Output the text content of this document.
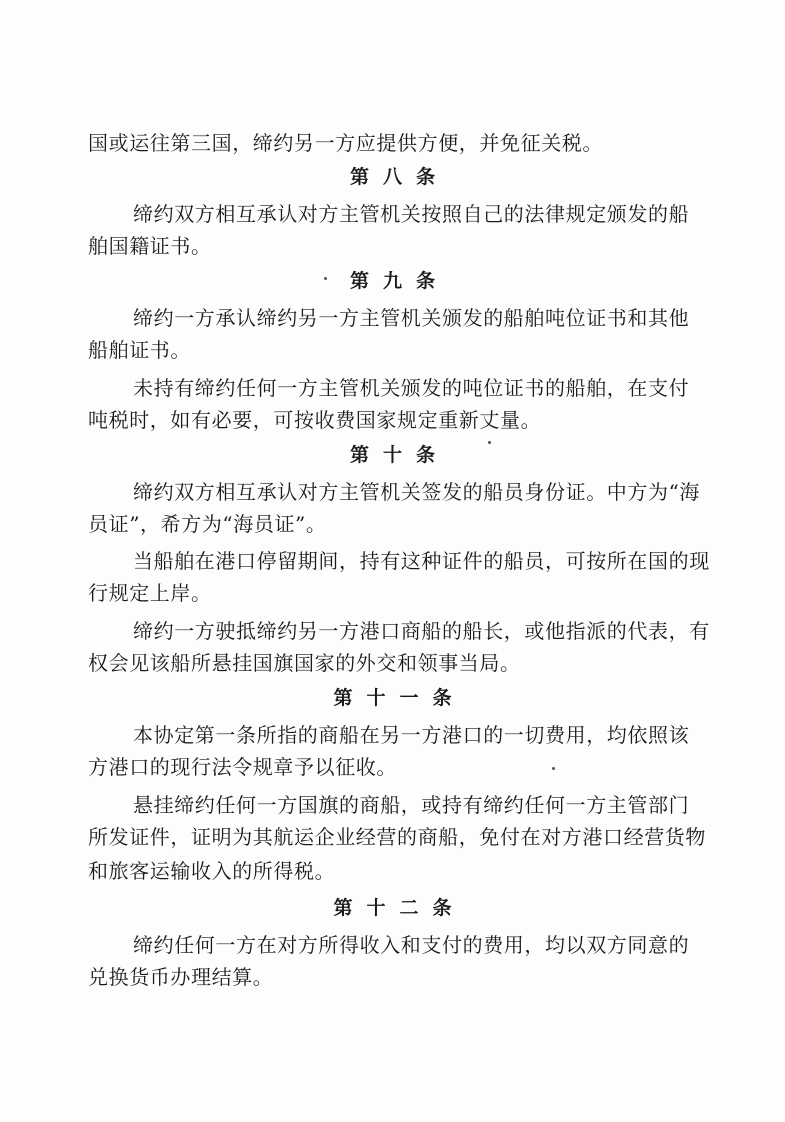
国或运往第三国，缔约另一方应提供方便，并免征关税。
第八条
缔约双方相互承认对方主管机关按照自己的法律规定颁发的船
舶国籍证书。
第九条
缔约一方承认缔约另一方主管机关颁发的船舶吨位证书和其他
船舶证书。
未持有缔约任何一方主管机关颁发的吨位证书的船舶，在支付
吨税时，如有必要，可按收费国家规定重新丈量。
第十条
缔约双方相互承认对方主管机关签发的船员身份证。中方为“海
员证”，希方为“海员证”。
当船舶在港口停留期间，持有这种证件的船员，可按所在国的现
行规定上岸。
缔约一方驶抵缔约另一方港口商船的船长，或他指派的代表，有
权会见该船所悬挂国旗国家的外交和领事当局。
第十一条
本协定第一条所指的商船在另一方港口的一切费用，均依照该
方港口的现行法令规章予以征收。
悬挂缔约任何一方国旗的商船，或持有缔约任何一方主管部门
所发证件，证明为其航运企业经营的商船，免付在对方港口经营货物
和旅客运输收入的所得税。
第十二条
缔约任何一方在对方所得收入和支付的费用，均以双方同意的
兑换货币办理结算。
